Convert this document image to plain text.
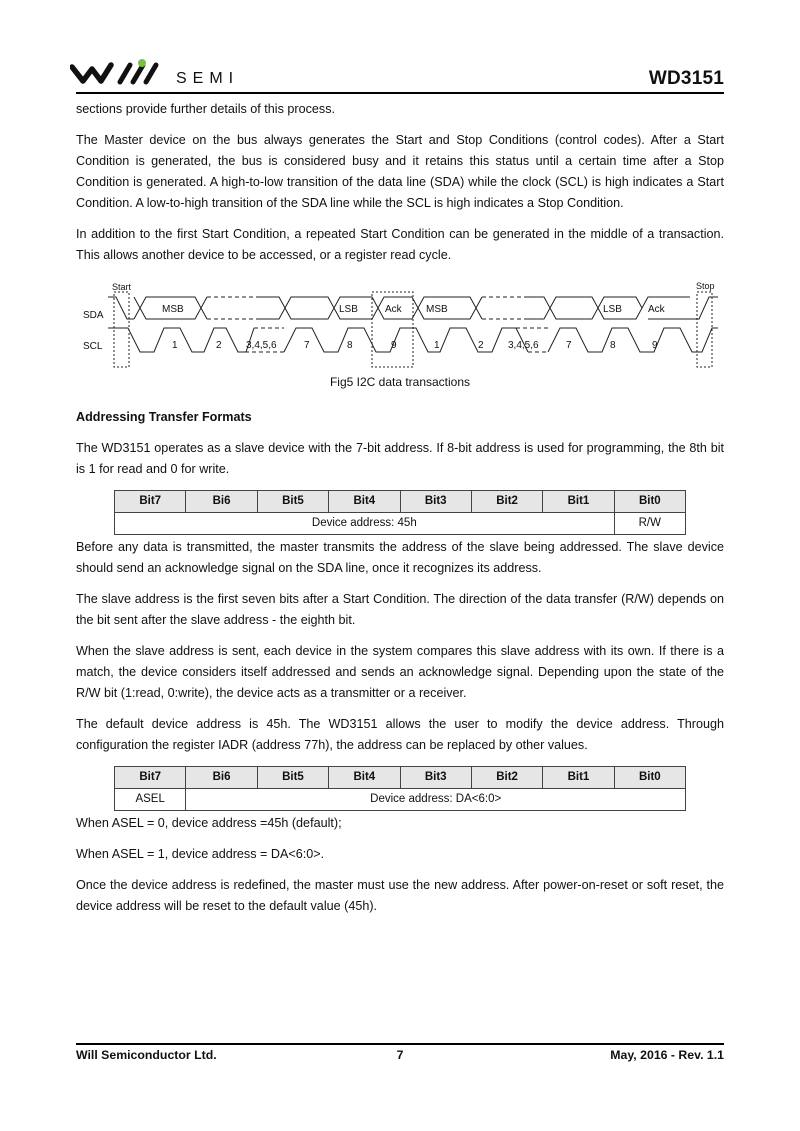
SEMI	WD3151

sections provide further details of this process.

The Master device on the bus always generates the Start and Stop Conditions (control codes). After a Start Condition is generated, the bus is considered busy and it retains this status until a certain time after a Stop Condition is generated. A high-to-low transition of the data line (SDA) while the clock (SCL) is high indicates a Start Condition. A low-to-high transition of the SDA line while the SCL is high indicates a Stop Condition.

In addition to the first Start Condition, a repeated Start Condition can be generated in the middle of a transaction. This allows another device to be accessed, or a register read cycle.

Start	Stop
SDA
SCL
MSB	LSB	Ack MSB	LSB	Ack
1	2 3,4,5,6	7	8	9	1	2 3,4,5,6	7	8	9
Fig5 I2C data transactions
Addressing Transfer Formats

The WD3151 operates as a slave device with the 7-bit address. If 8-bit address is used for programming, the 8th bit is 1 for read and 0 for write.

Bit7	Bi6	Bit5	Bit4	Bit3	Bit2	Bit1	Bit0
Device address: 45h							R/W

Before any data is transmitted, the master transmits the address of the slave being addressed. The slave device should send an acknowledge signal on the SDA line, once it recognizes its address.

The slave address is the first seven bits after a Start Condition. The direction of the data transfer (R/W) depends on the bit sent after the slave address - the eighth bit.

When the slave address is sent, each device in the system compares this slave address with its own. If there is a match, the device considers itself addressed and sends an acknowledge signal. Depending upon the state of the R/W bit (1:read, 0:write), the device acts as a transmitter or a receiver.

The default device address is 45h. The WD3151 allows the user to modify the device address. Through configuration the register IADR (address 77h), the address can be replaced by other values.

Bit7	Bi6	Bit5	Bit4	Bit3	Bit2	Bit1	Bit0
ASEL	Device address: DA<6:0>						

When ASEL = 0, device address =45h (default);

When ASEL = 1, device address = DA<6:0>.

Once the device address is redefined, the master must use the new address. After power-on-reset or soft reset, the device address will be reset to the default value (45h).

Will Semiconductor Ltd.	7	May, 2016 - Rev. 1.1
